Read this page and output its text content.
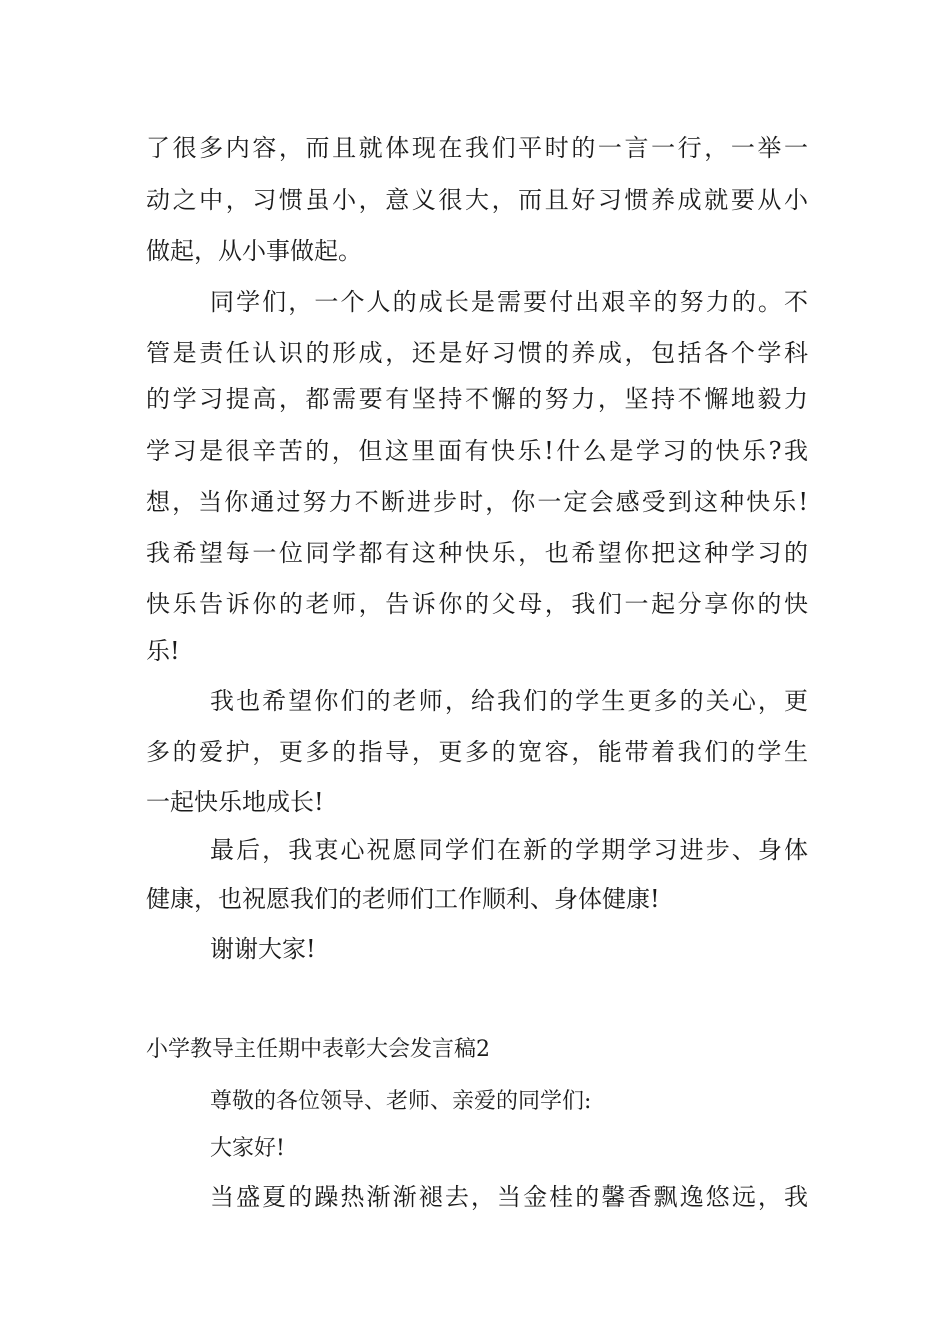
了很多内容，而且就体现在我们平时的一言一行，一举一

动之中，习惯虽小，意义很大，而且好习惯养成就要从小

做起，从小事做起。

同学们，一个人的成长是需要付出艰辛的努力的。不

管是责任认识的形成，还是好习惯的养成，包括各个学科

的学习提高，都需要有坚持不懈的努力，坚持不懈地毅力

学习是很辛苦的，但这里面有快乐!什么是学习的快乐?我

想，当你通过努力不断进步时，你一定会感受到这种快乐!

我希望每一位同学都有这种快乐，也希望你把这种学习的

快乐告诉你的老师，告诉你的父母，我们一起分享你的快

乐!

我也希望你们的老师，给我们的学生更多的关心，更

多的爱护，更多的指导，更多的宽容，能带着我们的学生

一起快乐地成长!

最后，我衷心祝愿同学们在新的学期学习进步、身体

健康，也祝愿我们的老师们工作顺利、身体健康!

谢谢大家!

小学教导主任期中表彰大会发言稿2

尊敬的各位领导、老师、亲爱的同学们:

大家好!

当盛夏的躁热渐渐褪去，当金桂的馨香飘逸悠远，我
